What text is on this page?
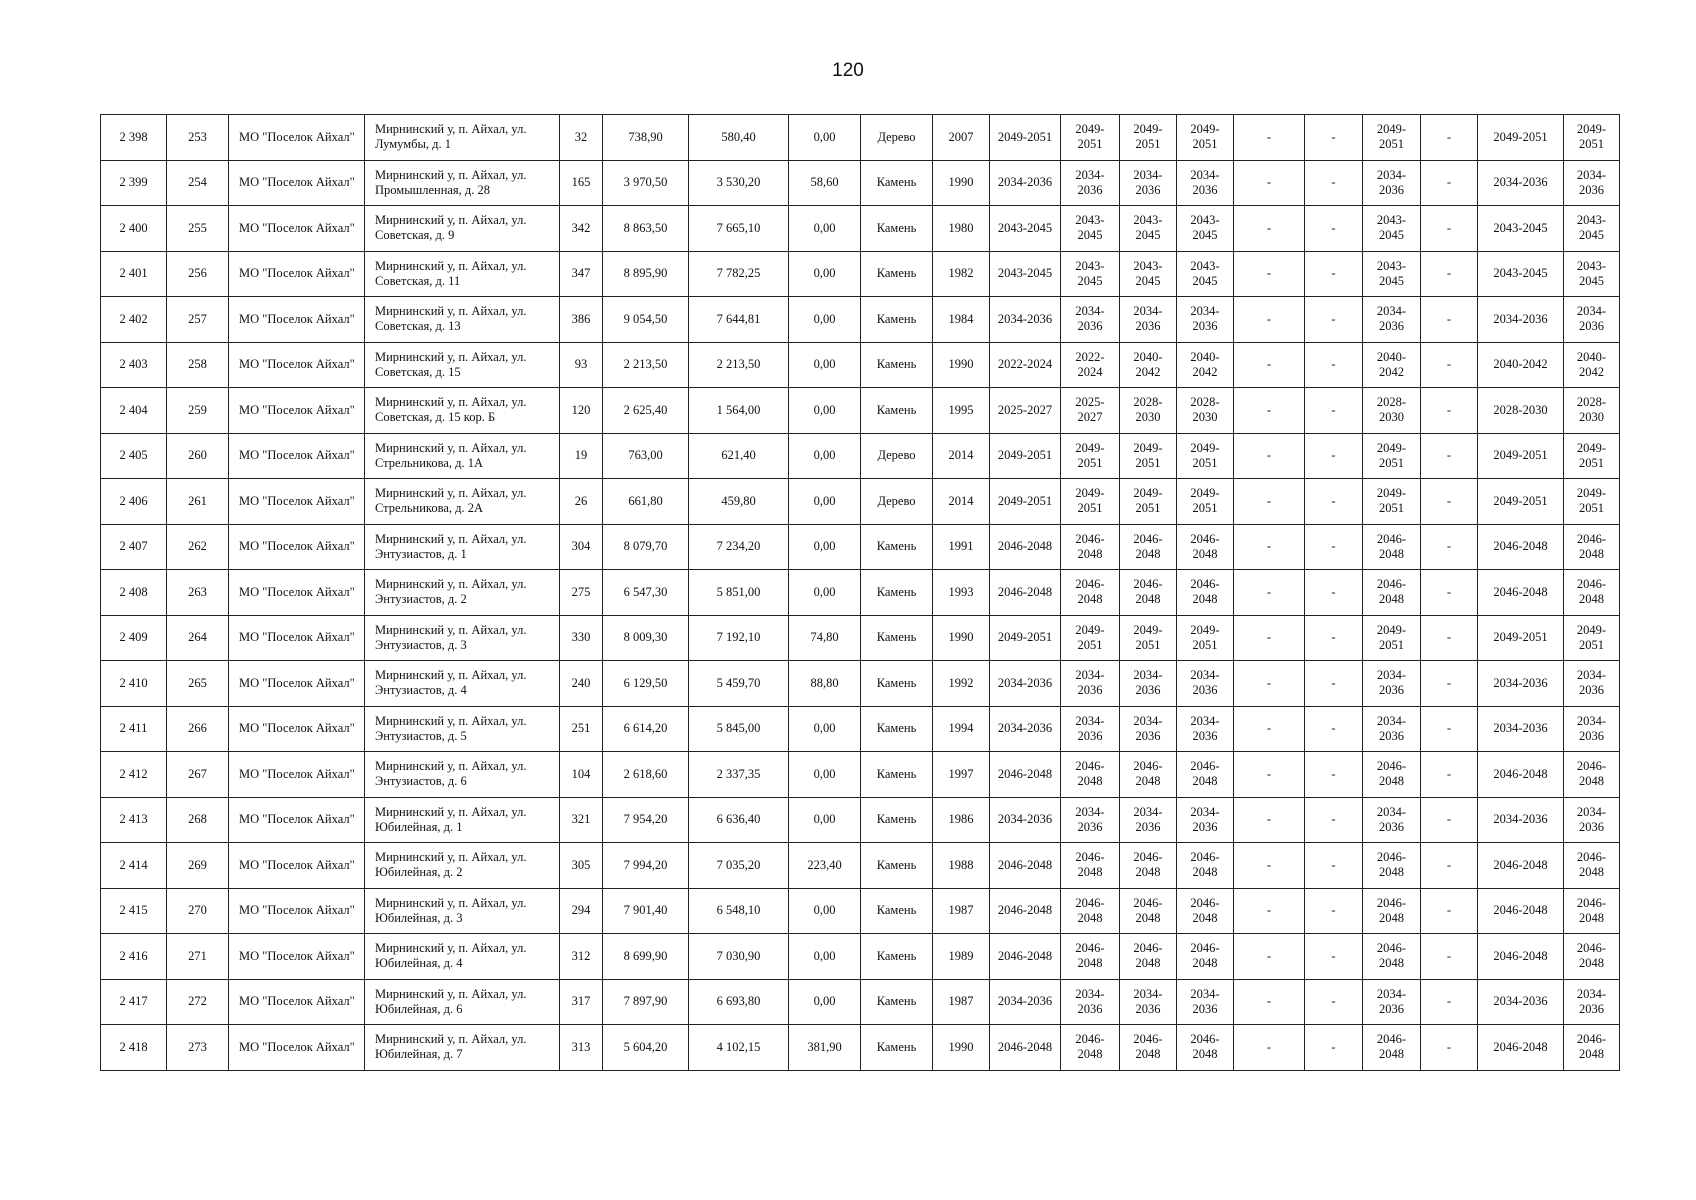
120
2 398	253	МО "Поселок Айхал"	Мирнинский у, п. Айхал, ул. Лумумбы, д. 1	32	738,90	580,40	0,00	Дерево	2007	2049-2051	2049-2051	2049-2051	2049-2051	-	-	2049-2051	-	2049-2051	2049-2051
2 399	254	МО "Поселок Айхал"	Мирнинский у, п. Айхал, ул. Промышленная, д. 28	165	3 970,50	3 530,20	58,60	Камень	1990	2034-2036	2034-2036	2034-2036	2034-2036	-	-	2034-2036	-	2034-2036	2034-2036
2 400	255	МО "Поселок Айхал"	Мирнинский у, п. Айхал, ул. Советская, д. 9	342	8 863,50	7 665,10	0,00	Камень	1980	2043-2045	2043-2045	2043-2045	2043-2045	-	-	2043-2045	-	2043-2045	2043-2045
2 401	256	МО "Поселок Айхал"	Мирнинский у, п. Айхал, ул. Советская, д. 11	347	8 895,90	7 782,25	0,00	Камень	1982	2043-2045	2043-2045	2043-2045	2043-2045	-	-	2043-2045	-	2043-2045	2043-2045
2 402	257	МО "Поселок Айхал"	Мирнинский у, п. Айхал, ул. Советская, д. 13	386	9 054,50	7 644,81	0,00	Камень	1984	2034-2036	2034-2036	2034-2036	2034-2036	-	-	2034-2036	-	2034-2036	2034-2036
2 403	258	МО "Поселок Айхал"	Мирнинский у, п. Айхал, ул. Советская, д. 15	93	2 213,50	2 213,50	0,00	Камень	1990	2022-2024	2022-2024	2040-2042	2040-2042	-	-	2040-2042	-	2040-2042	2040-2042
2 404	259	МО "Поселок Айхал"	Мирнинский у, п. Айхал, ул. Советская, д. 15 кор. Б	120	2 625,40	1 564,00	0,00	Камень	1995	2025-2027	2025-2027	2028-2030	2028-2030	-	-	2028-2030	-	2028-2030	2028-2030
2 405	260	МО "Поселок Айхал"	Мирнинский у, п. Айхал, ул. Стрельникова, д. 1А	19	763,00	621,40	0,00	Дерево	2014	2049-2051	2049-2051	2049-2051	2049-2051	-	-	2049-2051	-	2049-2051	2049-2051
2 406	261	МО "Поселок Айхал"	Мирнинский у, п. Айхал, ул. Стрельникова, д. 2А	26	661,80	459,80	0,00	Дерево	2014	2049-2051	2049-2051	2049-2051	2049-2051	-	-	2049-2051	-	2049-2051	2049-2051
2 407	262	МО "Поселок Айхал"	Мирнинский у, п. Айхал, ул. Энтузиастов, д. 1	304	8 079,70	7 234,20	0,00	Камень	1991	2046-2048	2046-2048	2046-2048	2046-2048	-	-	2046-2048	-	2046-2048	2046-2048
2 408	263	МО "Поселок Айхал"	Мирнинский у, п. Айхал, ул. Энтузиастов, д. 2	275	6 547,30	5 851,00	0,00	Камень	1993	2046-2048	2046-2048	2046-2048	2046-2048	-	-	2046-2048	-	2046-2048	2046-2048
2 409	264	МО "Поселок Айхал"	Мирнинский у, п. Айхал, ул. Энтузиастов, д. 3	330	8 009,30	7 192,10	74,80	Камень	1990	2049-2051	2049-2051	2049-2051	2049-2051	-	-	2049-2051	-	2049-2051	2049-2051
2 410	265	МО "Поселок Айхал"	Мирнинский у, п. Айхал, ул. Энтузиастов, д. 4	240	6 129,50	5 459,70	88,80	Камень	1992	2034-2036	2034-2036	2034-2036	2034-2036	-	-	2034-2036	-	2034-2036	2034-2036
2 411	266	МО "Поселок Айхал"	Мирнинский у, п. Айхал, ул. Энтузиастов, д. 5	251	6 614,20	5 845,00	0,00	Камень	1994	2034-2036	2034-2036	2034-2036	2034-2036	-	-	2034-2036	-	2034-2036	2034-2036
2 412	267	МО "Поселок Айхал"	Мирнинский у, п. Айхал, ул. Энтузиастов, д. 6	104	2 618,60	2 337,35	0,00	Камень	1997	2046-2048	2046-2048	2046-2048	2046-2048	-	-	2046-2048	-	2046-2048	2046-2048
2 413	268	МО "Поселок Айхал"	Мирнинский у, п. Айхал, ул. Юбилейная, д. 1	321	7 954,20	6 636,40	0,00	Камень	1986	2034-2036	2034-2036	2034-2036	2034-2036	-	-	2034-2036	-	2034-2036	2034-2036
2 414	269	МО "Поселок Айхал"	Мирнинский у, п. Айхал, ул. Юбилейная, д. 2	305	7 994,20	7 035,20	223,40	Камень	1988	2046-2048	2046-2048	2046-2048	2046-2048	-	-	2046-2048	-	2046-2048	2046-2048
2 415	270	МО "Поселок Айхал"	Мирнинский у, п. Айхал, ул. Юбилейная, д. 3	294	7 901,40	6 548,10	0,00	Камень	1987	2046-2048	2046-2048	2046-2048	2046-2048	-	-	2046-2048	-	2046-2048	2046-2048
2 416	271	МО "Поселок Айхал"	Мирнинский у, п. Айхал, ул. Юбилейная, д. 4	312	8 699,90	7 030,90	0,00	Камень	1989	2046-2048	2046-2048	2046-2048	2046-2048	-	-	2046-2048	-	2046-2048	2046-2048
2 417	272	МО "Поселок Айхал"	Мирнинский у, п. Айхал, ул. Юбилейная, д. 6	317	7 897,90	6 693,80	0,00	Камень	1987	2034-2036	2034-2036	2034-2036	2034-2036	-	-	2034-2036	-	2034-2036	2034-2036
2 418	273	МО "Поселок Айхал"	Мирнинский у, п. Айхал, ул. Юбилейная, д. 7	313	5 604,20	4 102,15	381,90	Камень	1990	2046-2048	2046-2048	2046-2048	2046-2048	-	-	2046-2048	-	2046-2048	2046-2048
